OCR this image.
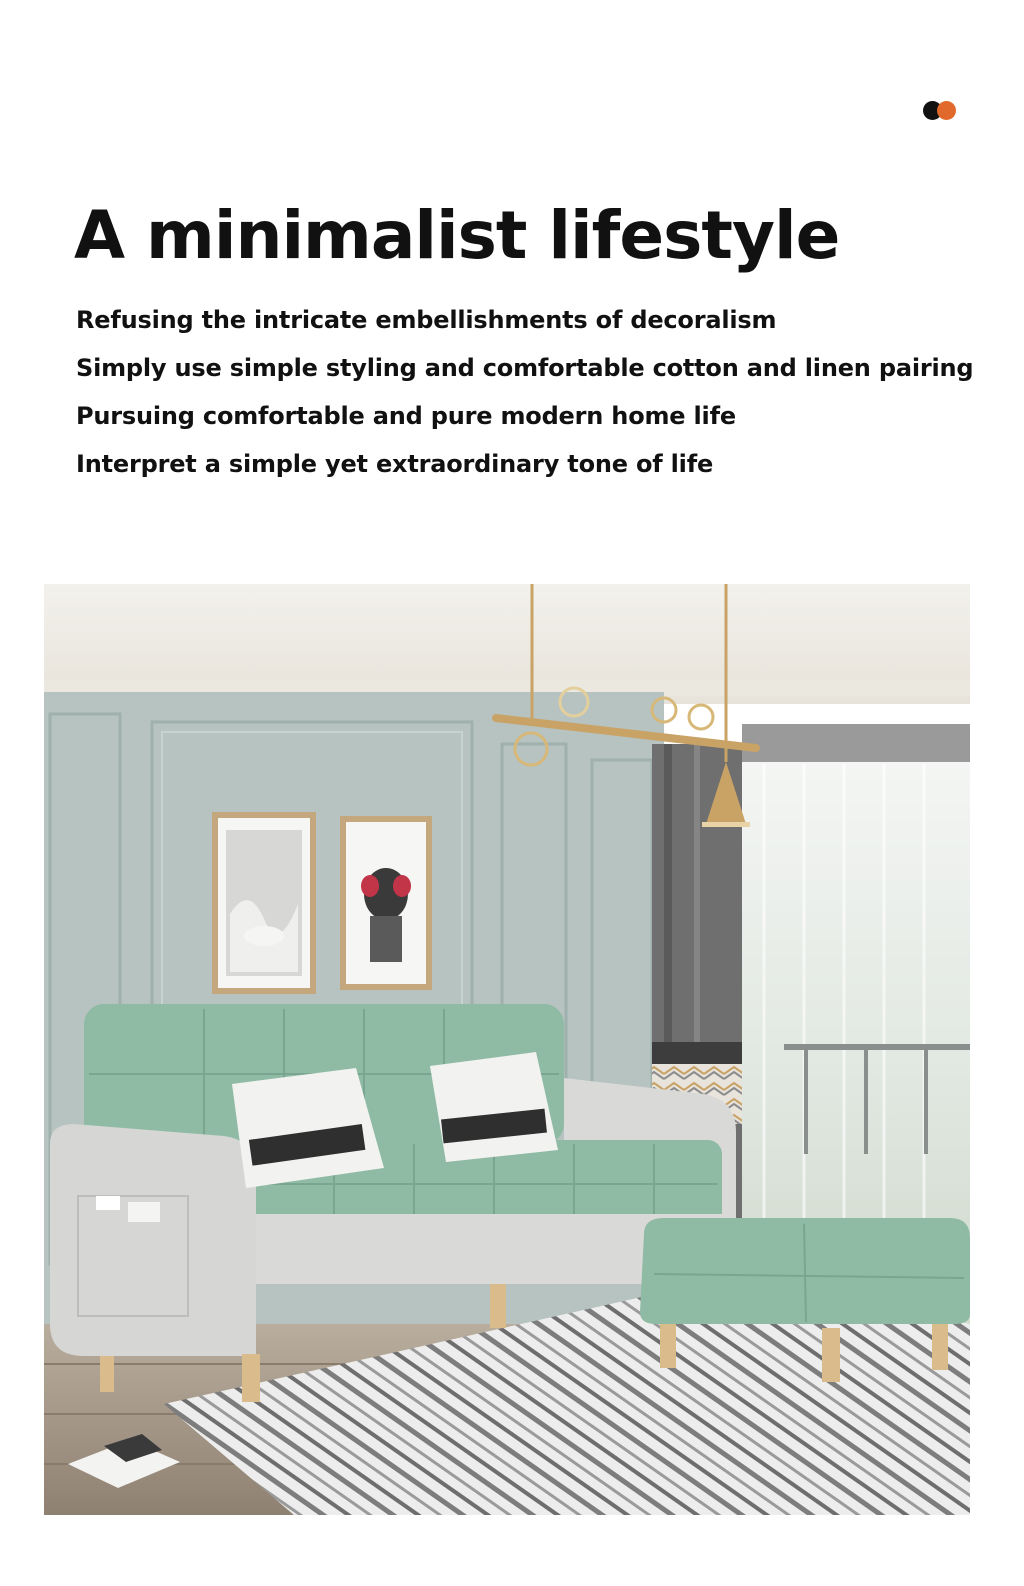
A minimalist lifestyle
Refusing the intricate embellishments of decoralism
Simply use simple styling and comfortable cotton and linen pairing
Pursuing comfortable and pure modern home life
Interpret a simple yet extraordinary tone of life
